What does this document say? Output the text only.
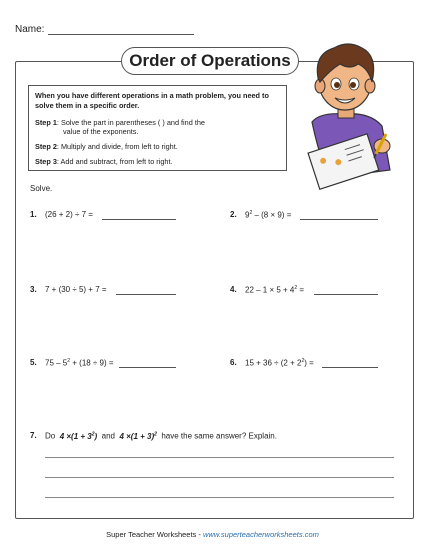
Name:
Order of Operations
When you have different operations in a math problem, you need to solve them in a specific order.
Step 1: Solve the part in parentheses ( ) and find the
value of the exponents.
Step 2: Multiply and divide, from left to right.
Step 3: Add and subtract, from left to right.
Solve.
1. (26 + 2) ÷ 7 =	2. $9^2 - (8 \times 9)$ =
3. 7 + (30 ÷ 5) + 7 =	4. $22 - 1 \times 5 + 4^2$ =
5. $75 - 5^2 + (18 \div 9)$ =	6. $15 + 36 \div (2 + 2^2)$ =
7. Do $4 \times(1 + 3^2)$ and $4 \times(1 + 3)^2$ have the same answer? Explain.
Super Teacher Worksheets - www.superteacherworksheets.com
